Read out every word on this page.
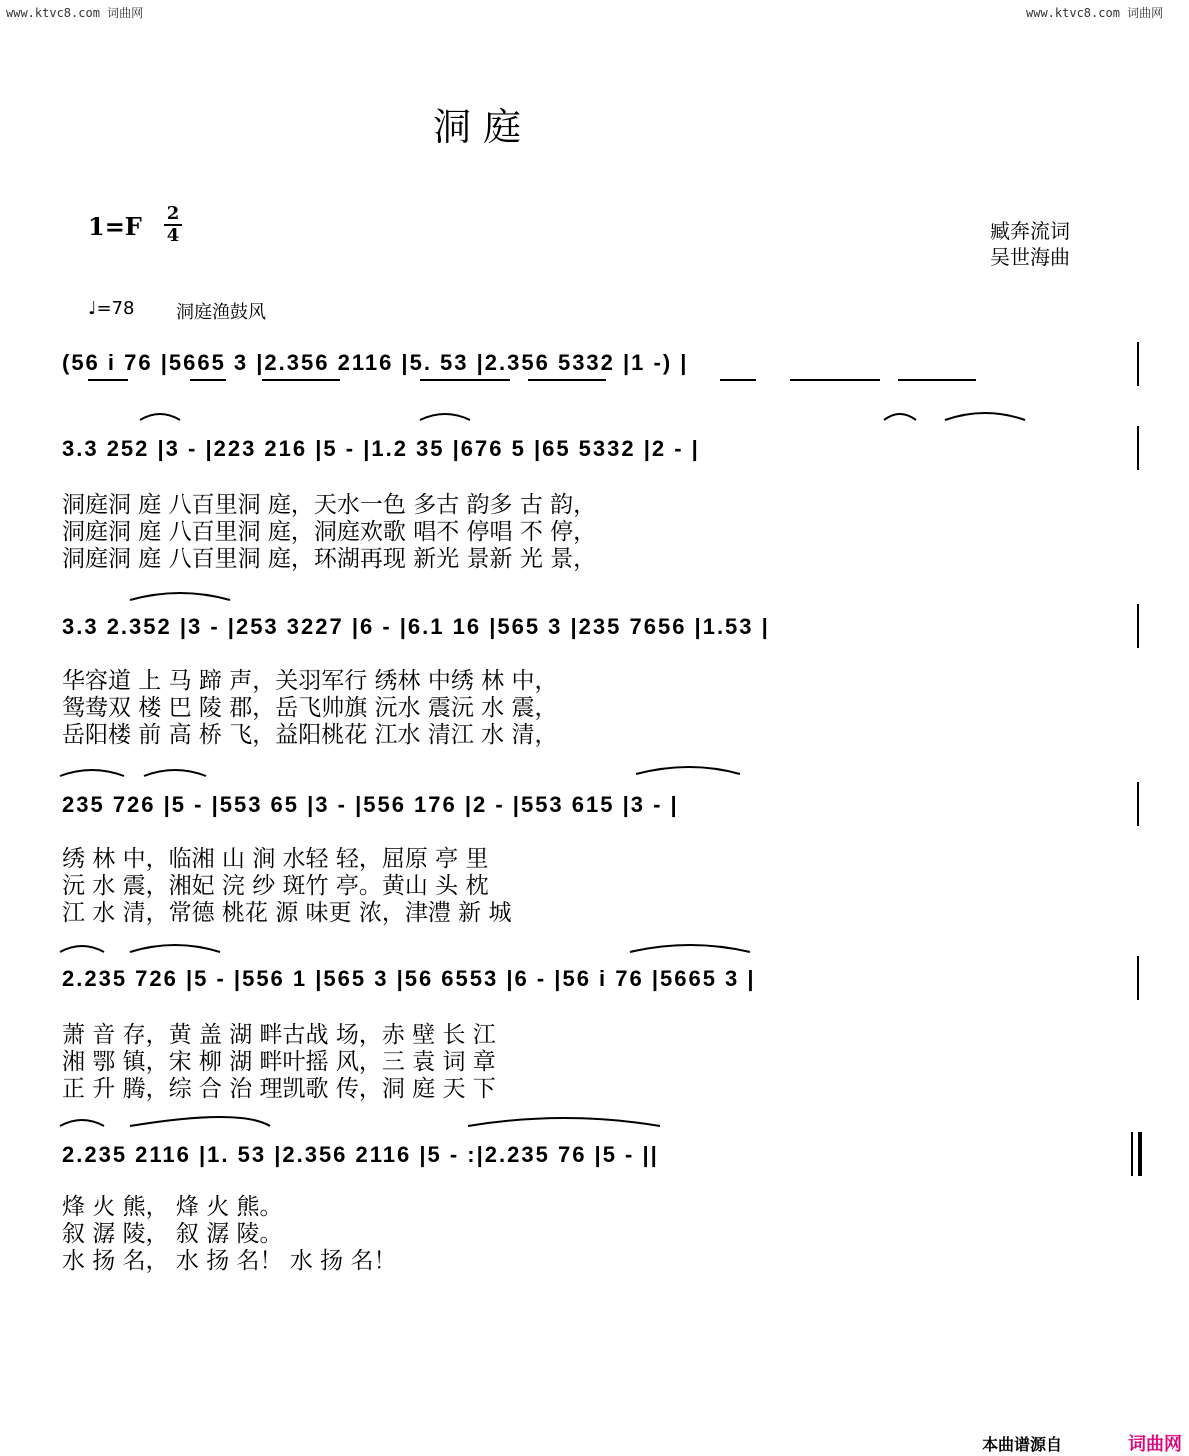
www.ktvc8.com 词曲网	www.ktvc8.com 词曲网
洞 庭
1=F 2
4	臧奔流词
吴世海曲
♩=78 洞庭渔鼓风
(56 i 76 |5665 3 |2.356 2116 |5. 53 |2.356 5332 |1 -) |
3.3 252 |3 - |223 216 |5 - |1.2 35 |676 5 |65 5332 |2 - |
洞庭洞 庭 八百里洞 庭，天水一色 多古 韵多 古 韵，
洞庭洞 庭 八百里洞 庭，洞庭欢歌 唱不 停唱 不 停，
洞庭洞 庭 八百里洞 庭，环湖再现 新光 景新 光 景，
3.3 2.352 |3 - |253 3227 |6 - |6.1 16 |565 3 |235 7656 |1.53 |
华容道 上 马 蹄 声，关羽军行 绣林 中绣 林 中，
鸳鸯双 楼 巴 陵 郡，岳飞帅旗 沅水 震沅 水 震，
岳阳楼 前 高 桥 飞，益阳桃花 江水 清江 水 清，
235 726 |5 - |553 65 |3 - |556 176 |2 - |553 615 |3 - |
绣 林 中，临湘 山 涧 水轻 轻，屈原 亭 里
沅 水 震，湘妃 浣 纱 斑竹 亭。黄山 头 枕
江 水 清，常德 桃花 源 味更 浓，津澧 新 城
2.235 726 |5 - |556 1 |565 3 |56 6553 |6 - |56 i 76 |5665 3 |
萧 音 存，黄 盖 湖 畔古战 场，赤 壁 长 江
湘 鄂 镇，宋 柳 湖 畔叶摇 风，三 袁 词 章
正 升 腾，综 合 治 理凯歌 传，洞 庭 天 下
2.235 2116 |1. 53 |2.356 2116 |5 - :|2.235 76 |5 - ||
烽 火 熊， 烽 火 熊。
叙 潺 陵， 叙 潺 陵。
水 扬 名， 水 扬 名！ 水 扬 名！
本曲谱源自	词曲网
